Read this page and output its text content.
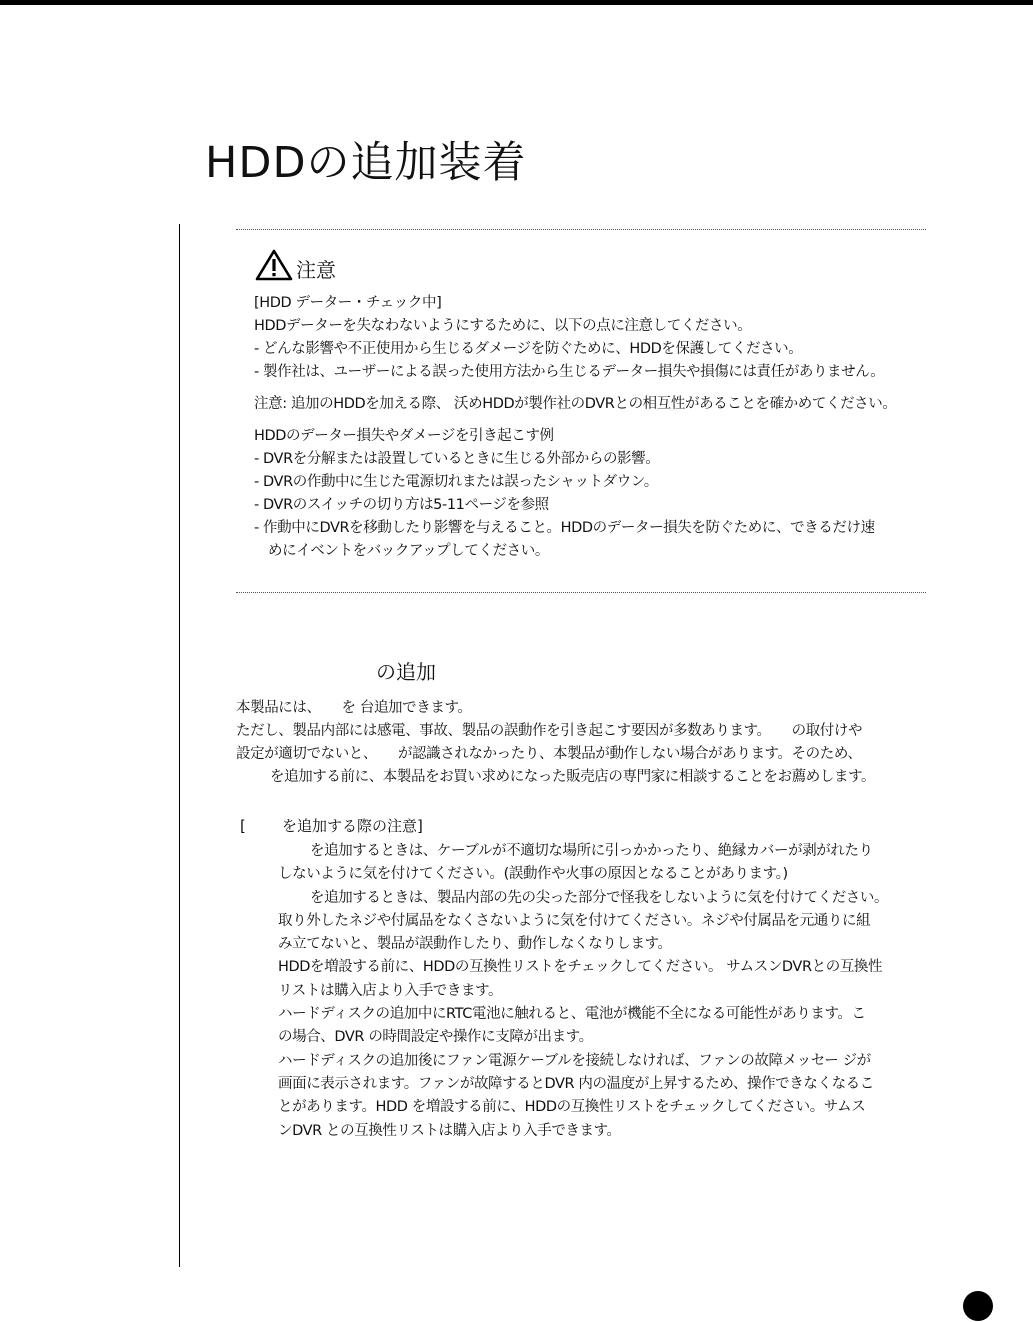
HDDの追加装着
注意
[HDD データー・チェック中]
HDDデーターを失なわないようにするために、以下の点に注意してください。
- どんな影響や不正使用から生じるダメージを防ぐために、HDDを保護してください。
- 製作社は、ユーザーによる誤った使用方法から生じるデーター損失や損傷には責任がありません。
注意: 追加のHDDを加える際、 沃めHDDが製作社のDVRとの相互性があることを確かめてください。
HDDのデーター損失やダメージを引き起こす例
- DVRを分解または設置しているときに生じる外部からの影響。
- DVRの作動中に生じた電源切れまたは誤ったシャットダウン。
- DVRのスイッチの切り方は5-11ページを参照
- 作動中にDVRを移動したり影響を与えること。HDDのデーター損失を防ぐために、できるだけ速
めにイベントをバックアップしてください。
の追加
本製品には、　　を 台追加できます。
ただし、製品内部には感電、事故、製品の誤動作を引き起こす要因が多数あります。　　の取付けや
設定が適切でないと、　　が認識されなかったり、本製品が動作しない場合があります。そのため、
を追加する前に、本製品をお買い求めになった販売店の専門家に相談することをお薦めします。
[ を追加する際の注意]
を追加するときは、ケーブルが不適切な場所に引っかかったり、絶縁カバーが剥がれたり
しないように気を付けてください。(誤動作や火事の原因となることがあります。)
を追加するときは、製品内部の先の尖った部分で怪我をしないように気を付けてください。
取り外したネジや付属品をなくさないように気を付けてください。ネジや付属品を元通りに組
み立てないと、製品が誤動作したり、動作しなくなりします。
HDDを増設する前に、HDDの互換性リストをチェックしてください。 サムスンDVRとの互換性
リストは購入店より入手できます。
ハードディスクの追加中にRTC電池に触れると、電池が機能不全になる可能性があります。こ
の場合、DVR の時間設定や操作に支障が出ます。
ハードディスクの追加後にファン電源ケーブルを接続しなければ、ファンの故障メッセー ジが
画面に表示されます。ファンが故障するとDVR 内の温度が上昇するため、操作できなくなるこ
とがあります。HDD を増設する前に、HDDの互換性リストをチェックしてください。サムス
ンDVR との互換性リストは購入店より入手できます。
